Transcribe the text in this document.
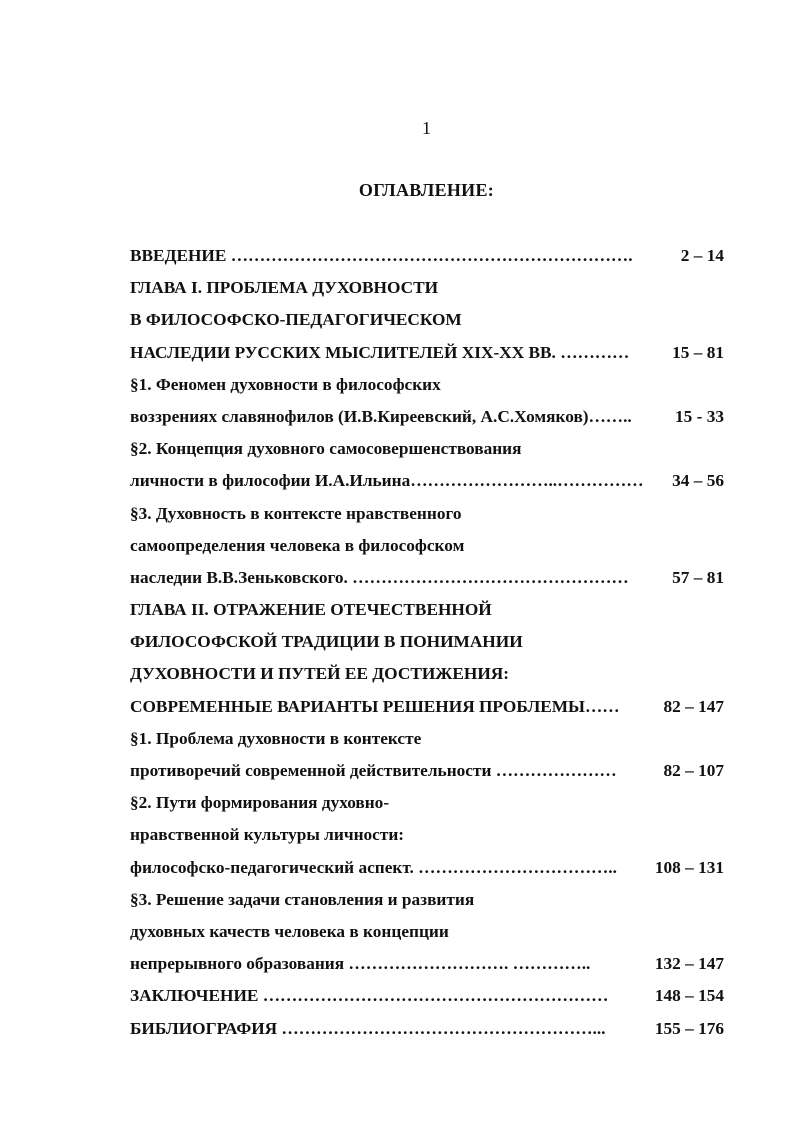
1
ОГЛАВЛЕНИЕ:
ВВЕДЕНИЕ …………………………………………………………….	2 – 14
ГЛАВА I. ПРОБЛЕМА ДУХОВНОСТИ
В ФИЛОСОФСКО-ПЕДАГОГИЧЕСКОМ
НАСЛЕДИИ РУССКИХ МЫСЛИТЕЛЕЙ XIX-XX ВВ. …………	15 – 81
§1. Феномен духовности в философских
воззрениях славянофилов (И.В.Киреевский, А.С.Хомяков)……..	15 - 33
§2. Концепция духовного самосовершенствования
личности в философии И.А.Ильина……………………..……………	34 – 56
§3. Духовность в контексте нравственного
самоопределения человека в философском
наследии В.В.Зеньковского. …………………………………………	57 – 81
ГЛАВА II. ОТРАЖЕНИЕ ОТЕЧЕСТВЕННОЙ
ФИЛОСОФСКОЙ ТРАДИЦИИ В ПОНИМАНИИ
ДУХОВНОСТИ И ПУТЕЙ ЕЕ ДОСТИЖЕНИЯ:
СОВРЕМЕННЫЕ ВАРИАНТЫ РЕШЕНИЯ ПРОБЛЕМЫ……	82 – 147
§1. Проблема духовности в контексте
противоречий современной действительности …………………	82 – 107
§2. Пути формирования духовно-
нравственной культуры личности:
философско-педагогический аспект. ……………………………..	108 – 131
§3. Решение задачи становления и развития
духовных качеств человека в концепции
непрерывного образования ………………………. …………..	132 – 147
ЗАКЛЮЧЕНИЕ ……………………………………………………	148 – 154
БИБЛИОГРАФИЯ ………………………………………………...	155 – 176
